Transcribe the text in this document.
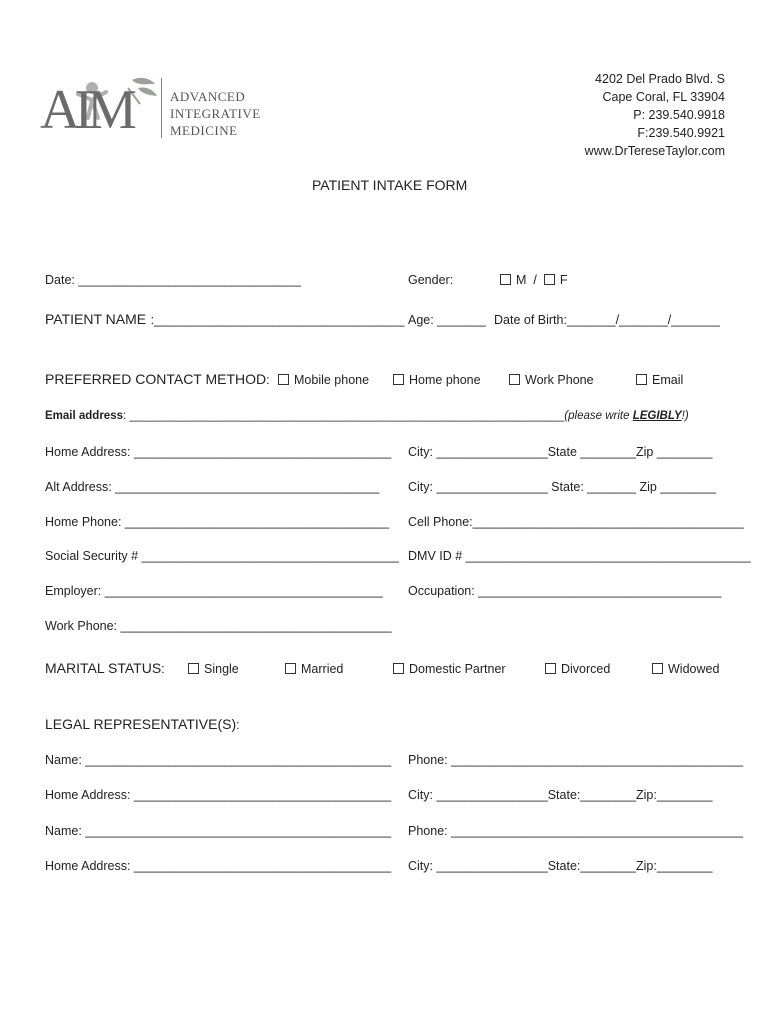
AIM	ADVANCED
INTEGRATIVE
MEDICINE
4202 Del Prado Blvd. S
Cape Coral, FL 33904
P: 239.540.9918
F:239.540.9921
www.DrTereseTaylor.com
PATIENT INTAKE FORM
Date: ________________________________	Gender:	M / F
PATIENT NAME :____________________________________ Age: _______ Date of Birth:_______/_______/_______
PREFERRED CONTACT METHOD:	Mobile phone	Home phone	Work Phone	Email
Email address: ____________________________________________________________________(please write LEGIBLY!)
Home Address: _____________________________________ City: ________________State ________Zip ________
Alt Address: ______________________________________ City: ________________ State: _______ Zip ________
Home Phone: ______________________________________ Cell Phone:_______________________________________
Social Security # _____________________________________ DMV ID # _________________________________________
Employer: ________________________________________ Occupation: ___________________________________
Work Phone: _______________________________________
MARITAL STATUS:	Single	Married	Domestic Partner	Divorced	Widowed
LEGAL REPRESENTATIVE(S):
Name: ____________________________________________ Phone: __________________________________________
Home Address: _____________________________________ City: ________________State:________Zip:________
Name: ____________________________________________ Phone: __________________________________________
Home Address: _____________________________________ City: ________________State:________Zip:________
